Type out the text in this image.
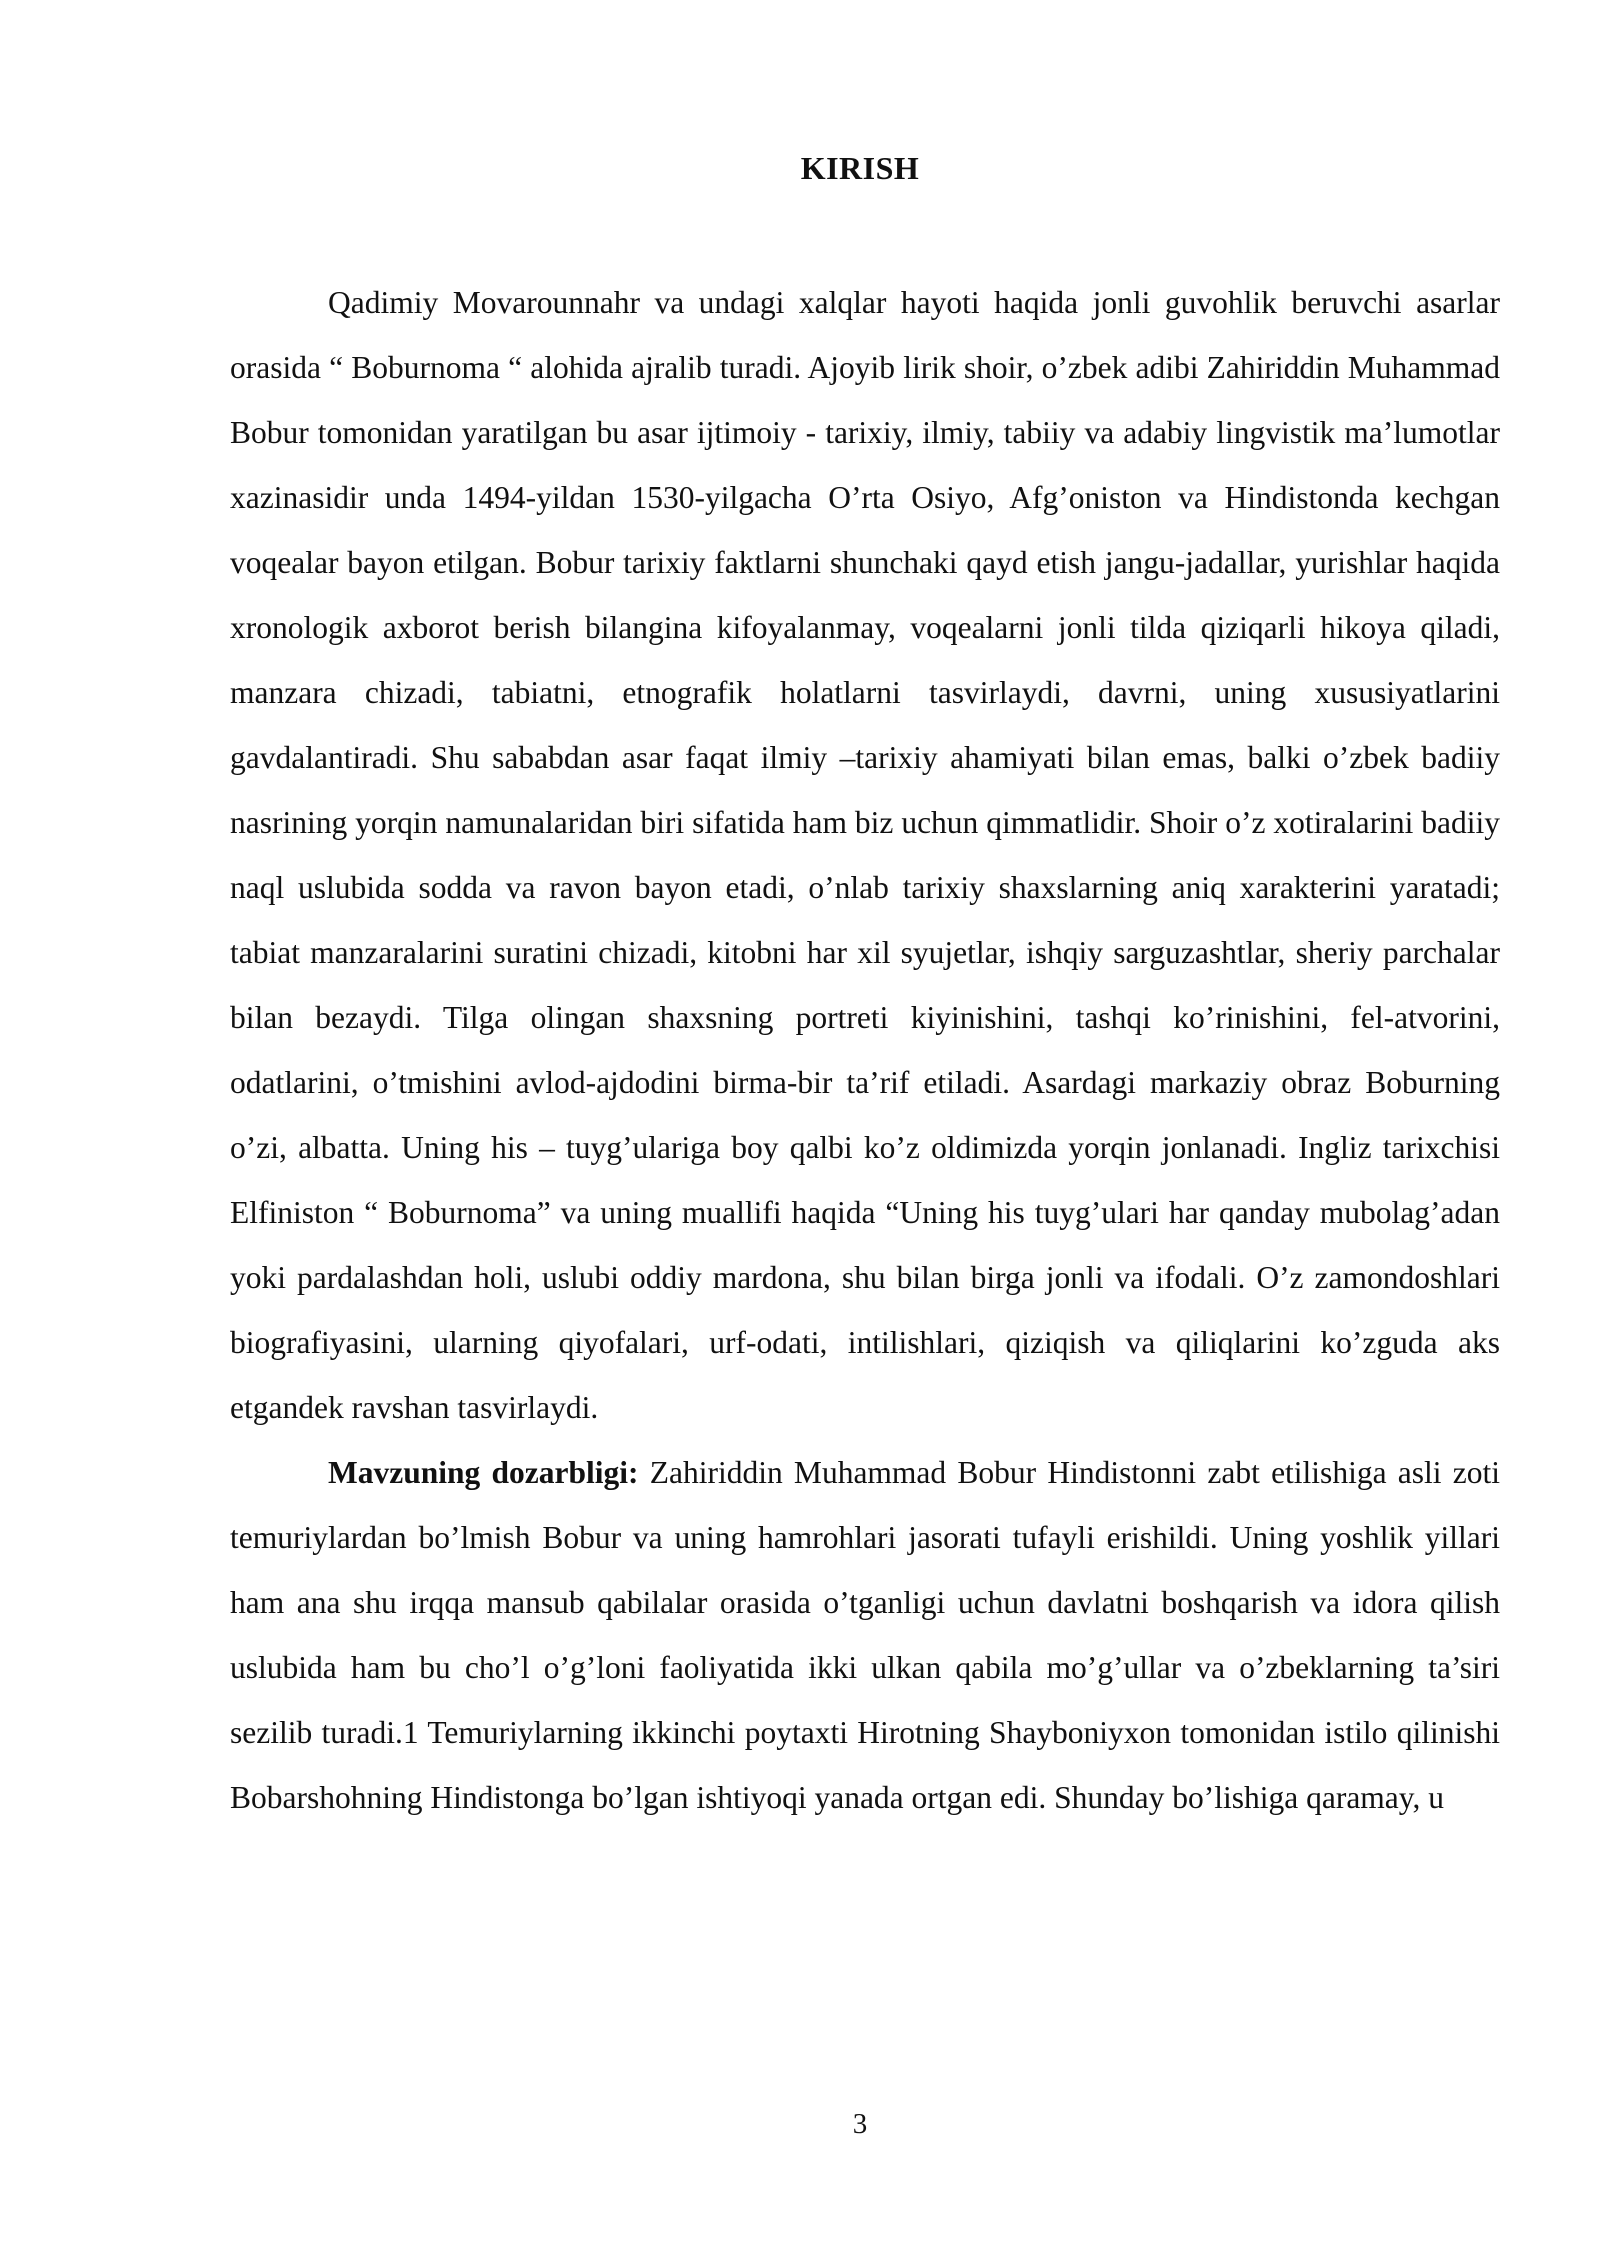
KIRISH

Qadimiy Movarounnahr va undagi xalqlar hayoti haqida jonli guvohlik beruvchi asarlar orasida “ Boburnoma “ alohida ajralib turadi. Ajoyib lirik shoir, o’zbek adibi Zahiriddin Muhammad Bobur tomonidan yaratilgan bu asar ijtimoiy - tarixiy, ilmiy, tabiiy va adabiy lingvistik ma’lumotlar xazinasidir unda 1494-yildan 1530-yilgacha O’rta Osiyo, Afg’oniston va Hindistonda kechgan voqealar bayon etilgan. Bobur tarixiy faktlarni shunchaki qayd etish jangu-jadallar, yurishlar haqida xronologik axborot berish bilangina kifoyalanmay, voqealarni jonli tilda qiziqarli hikoya qiladi, manzara chizadi, tabiatni, etnografik holatlarni tasvirlaydi, davrni, uning xususiyatlarini gavdalantiradi. Shu sababdan asar faqat ilmiy –tarixiy ahamiyati bilan emas, balki o’zbek badiiy nasrining yorqin namunalaridan biri sifatida ham biz uchun qimmatlidir. Shoir o’z xotiralarini badiiy naql uslubida sodda va ravon bayon etadi, o’nlab tarixiy shaxslarning aniq xarakterini yaratadi; tabiat manzaralarini suratini chizadi, kitobni har xil syujetlar, ishqiy sarguzashtlar, sheriy parchalar bilan bezaydi. Tilga olingan shaxsning portreti kiyinishini, tashqi ko’rinishini, fel-atvorini, odatlarini, o’tmishini avlod-ajdodini birma-bir ta’rif etiladi. Asardagi markaziy obraz Boburning o’zi, albatta. Uning his – tuyg’ulariga boy qalbi ko’z oldimizda yorqin jonlanadi. Ingliz tarixchisi Elfiniston “ Boburnoma” va uning muallifi haqida “Uning his tuyg’ulari har qanday mubolag’adan yoki pardalashdan holi, uslubi oddiy mardona, shu bilan birga jonli va ifodali. O’z zamondoshlari biografiyasini, ularning qiyofalari, urf-odati, intilishlari, qiziqish va qiliqlarini ko’zguda aks etgandek ravshan tasvirlaydi.

Mavzuning dozarbligi: Zahiriddin Muhammad Bobur Hindistonni zabt etilishiga asli zoti temuriylardan bo’lmish Bobur va uning hamrohlari jasorati tufayli erishildi. Uning yoshlik yillari ham ana shu irqqa mansub qabilalar orasida o’tganligi uchun davlatni boshqarish va idora qilish uslubida ham bu cho’l o’g’loni faoliyatida ikki ulkan qabila mo’g’ullar va o’zbeklarning ta’siri sezilib turadi.1 Temuriylarning ikkinchi poytaxti Hirotning Shayboniyxon tomonidan istilo qilinishi Bobarshohning Hindistonga bo’lgan ishtiyoqi yanada ortgan edi. Shunday bo’lishiga qaramay, u

3
